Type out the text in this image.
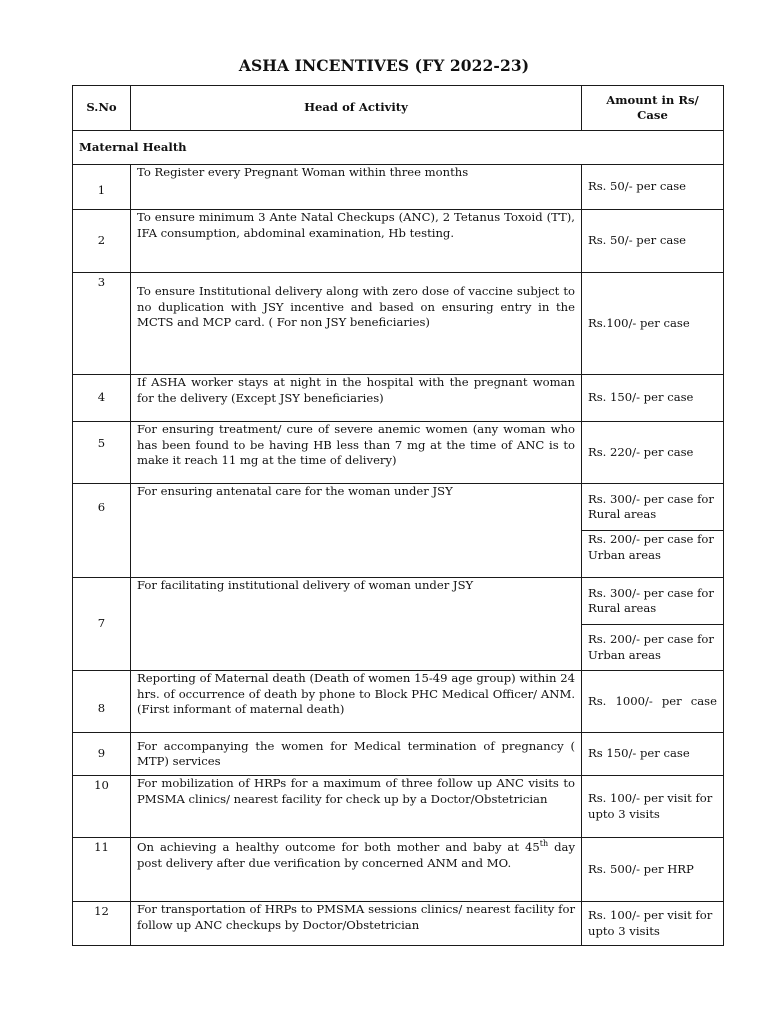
ASHA INCENTIVES (FY 2022-23)
S.No	Head of Activity	Amount in Rs/ Case
Maternal Health		
1	To Register every Pregnant Woman within three months	Rs. 50/- per case
2	To ensure minimum 3 Ante Natal Checkups (ANC), 2 Tetanus Toxoid (TT), IFA consumption, abdominal examination, Hb testing.	Rs. 50/- per case
3	To ensure Institutional delivery along with zero dose of vaccine subject to no duplication with JSY incentive and based on ensuring entry in the MCTS and MCP card. ( For non JSY beneficiaries)	Rs.100/- per case
4	If ASHA worker stays at night in the hospital with the pregnant woman for the delivery (Except JSY beneficiaries)	Rs. 150/- per case
5	For ensuring treatment/ cure of severe anemic women (any woman who has been found to be having HB less than 7 mg at the time of ANC is to make it reach 11 mg at the time of delivery)	Rs. 220/- per case
6	For ensuring antenatal care for the woman under JSY	Rs. 300/- per case for Rural areas
		Rs. 200/- per case for Urban areas
7	For facilitating institutional delivery of woman under JSY	Rs. 300/- per case for Rural areas
		Rs. 200/- per case for Urban areas
8	Reporting of Maternal death (Death of women 15-49 age group) within 24 hrs. of occurrence of death by phone to Block PHC Medical Officer/ ANM. (First informant of maternal death)	Rs. 1000/- per case
9	For accompanying the women for Medical termination of pregnancy ( MTP) services	Rs 150/- per case
10	For mobilization of HRPs for a maximum of three follow up ANC visits to PMSMA clinics/ nearest facility for check up by a Doctor/Obstetrician	Rs. 100/- per visit for upto 3 visits
11	On achieving a healthy outcome for both mother and baby at 45th day post delivery after due verification by concerned ANM and MO.	Rs. 500/- per HRP
12	For transportation of HRPs to PMSMA sessions clinics/ nearest facility for follow up ANC checkups by Doctor/Obstetrician	Rs. 100/- per visit for upto 3 visits
